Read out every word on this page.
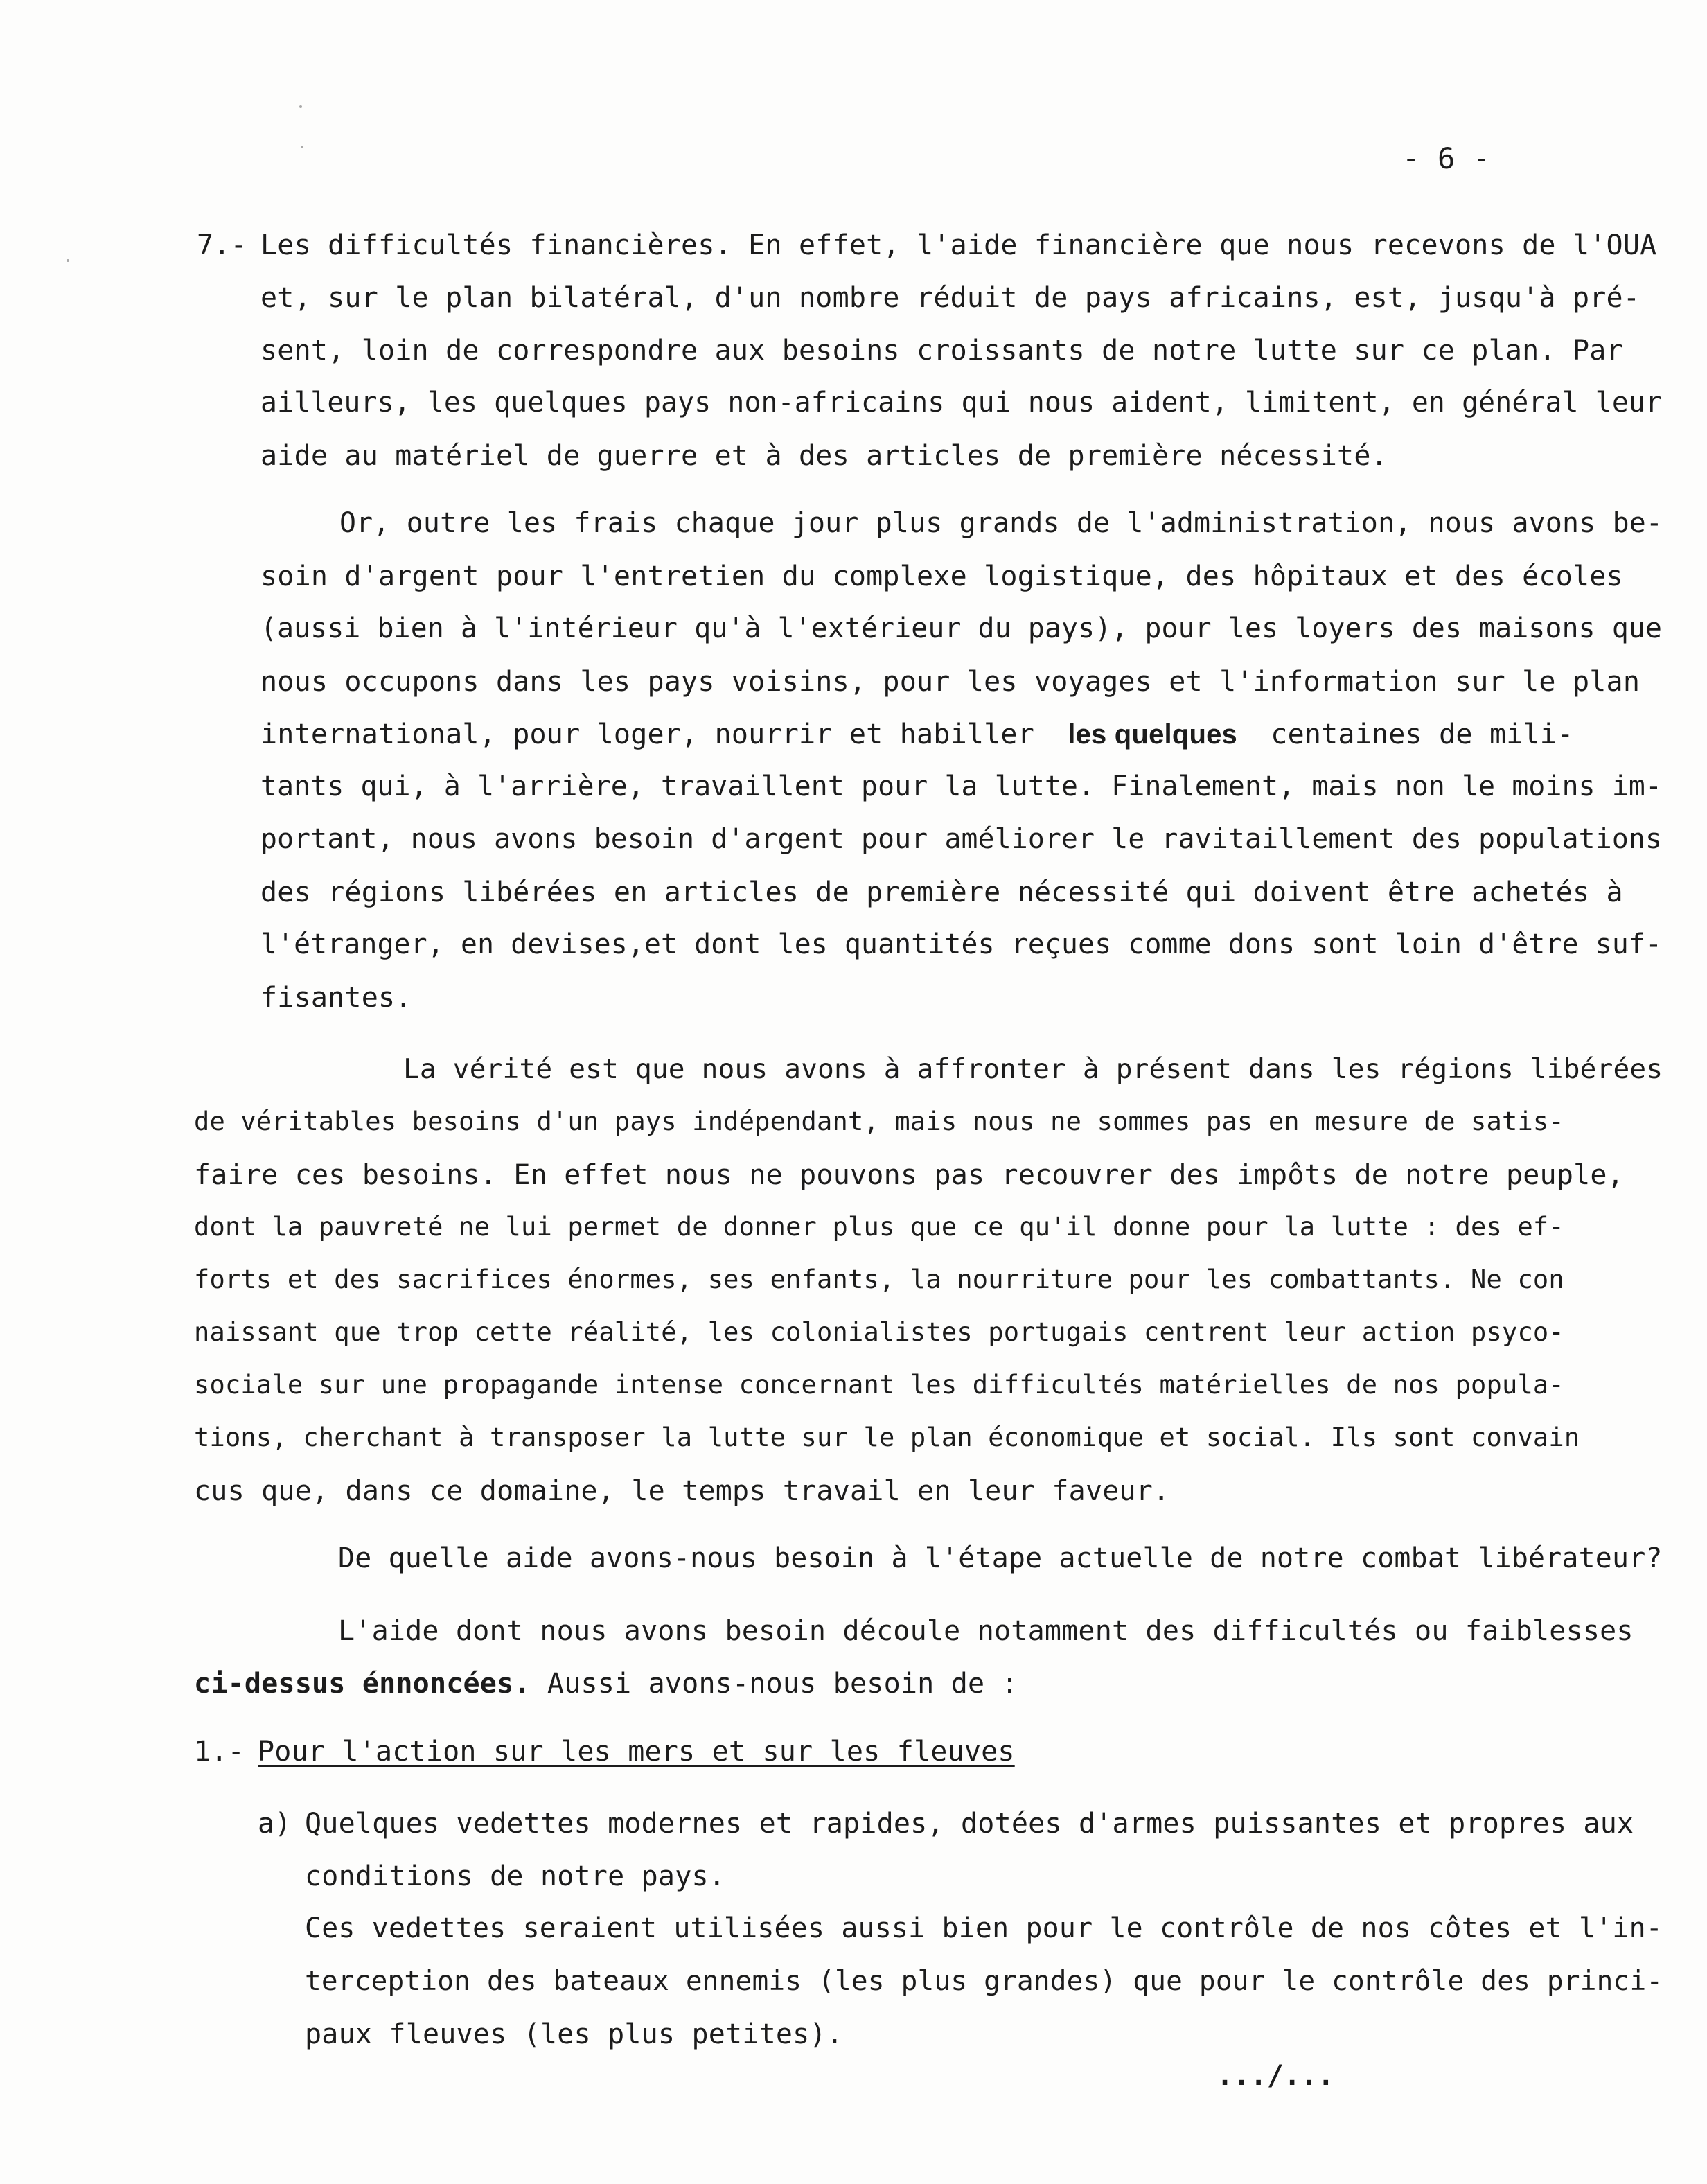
- 6 -
7.- Les difficultés financières. En effet, l'aide financière que nous recevons de l'OUA
et, sur le plan bilatéral, d'un nombre réduit de pays africains, est, jusqu'à pré-
sent, loin de correspondre aux besoins croissants de notre lutte sur ce plan. Par
ailleurs, les quelques pays non-africains qui nous aident, limitent, en général leur
aide au matériel de guerre et à des articles de première nécessité.
Or, outre les frais chaque jour plus grands de l'administration, nous avons be-
soin d'argent pour l'entretien du complexe logistique, des hôpitaux et des écoles
(aussi bien à l'intérieur qu'à l'extérieur du pays), pour les loyers des maisons que
nous occupons dans les pays voisins, pour les voyages et l'information sur le plan
international, pour loger, nourrir et habiller les quelques centaines de mili-
tants qui, à l'arrière, travaillent pour la lutte. Finalement, mais non le moins im-
portant, nous avons besoin d'argent pour améliorer le ravitaillement des populations
des régions libérées en articles de première nécessité qui doivent être achetés à
l'étranger, en devises,et dont les quantités reçues comme dons sont loin d'être suf-
fisantes.
La vérité est que nous avons à affronter à présent dans les régions libérées
de véritables besoins d'un pays indépendant, mais nous ne sommes pas en mesure de satis-
faire ces besoins. En effet nous ne pouvons pas recouvrer des impôts de notre peuple,
dont la pauvreté ne lui permet de donner plus que ce qu'il donne pour la lutte : des ef-
forts et des sacrifices énormes, ses enfants, la nourriture pour les combattants. Ne con
naissant que trop cette réalité, les colonialistes portugais centrent leur action psyco-
sociale sur une propagande intense concernant les difficultés matérielles de nos popula-
tions, cherchant à transposer la lutte sur le plan économique et social. Ils sont convain
cus que, dans ce domaine, le temps travail en leur faveur.
De quelle aide avons-nous besoin à l'étape actuelle de notre combat libérateur?
L'aide dont nous avons besoin découle notamment des difficultés ou faiblesses
ci-dessus énnoncées. Aussi avons-nous besoin de :
1.- Pour l'action sur les mers et sur les fleuves
a) Quelques vedettes modernes et rapides, dotées d'armes puissantes et propres aux
conditions de notre pays.
Ces vedettes seraient utilisées aussi bien pour le contrôle de nos côtes et l'in-
terception des bateaux ennemis (les plus grandes) que pour le contrôle des princi-
paux fleuves (les plus petites).
.../...
